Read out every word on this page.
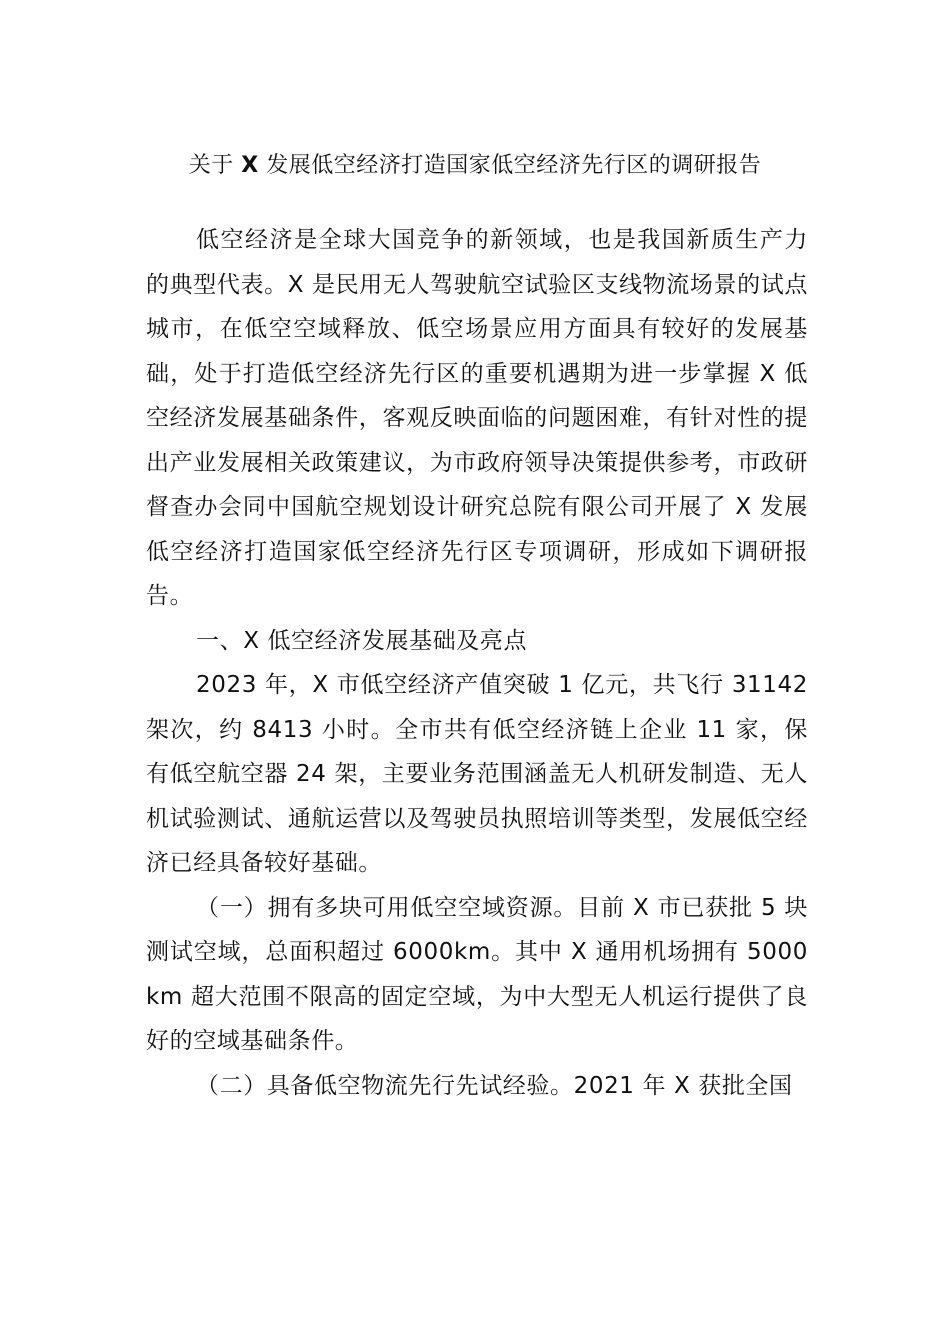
关于 X 发展低空经济打造国家低空经济先行区的调研报告

低空经济是全球大国竞争的新领域，也是我国新质生产力的典型代表。X 是民用无人驾驶航空试验区支线物流场景的试点城市，在低空空域释放、低空场景应用方面具有较好的发展基础，处于打造低空经济先行区的重要机遇期为进一步掌握 X 低空经济发展基础条件，客观反映面临的问题困难，有针对性的提出产业发展相关政策建议，为市政府领导决策提供参考，市政研督查办会同中国航空规划设计研究总院有限公司开展了 X 发展低空经济打造国家低空经济先行区专项调研，形成如下调研报告。

一、X 低空经济发展基础及亮点

2023 年，X 市低空经济产值突破 1 亿元，共飞行 31142 架次，约 8413 小时。全市共有低空经济链上企业 11 家，保有低空航空器 24 架，主要业务范围涵盖无人机研发制造、无人机试验测试、通航运营以及驾驶员执照培训等类型，发展低空经济已经具备较好基础。

（一）拥有多块可用低空空域资源。目前 X 市已获批 5 块测试空域，总面积超过 6000km。其中 X 通用机场拥有 5000km 超大范围不限高的固定空域，为中大型无人机运行提供了良好的空域基础条件。

（二）具备低空物流先行先试经验。2021 年 X 获批全国
